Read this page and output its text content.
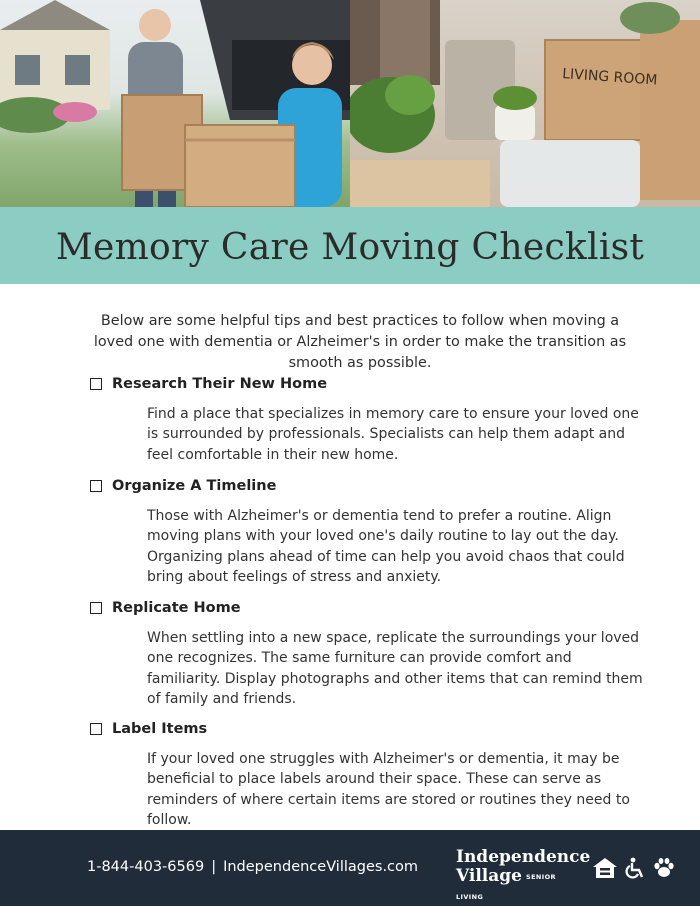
LIVING ROOM
Memory Care Moving Checklist
Below are some helpful tips and best practices to follow when moving a loved one with dementia or Alzheimer's in order to make the transition as smooth as possible.
Research Their New Home
Find a place that specializes in memory care to ensure your loved one is surrounded by professionals. Specialists can help them adapt and feel comfortable in their new home.
Organize A Timeline
Those with Alzheimer's or dementia tend to prefer a routine. Align moving plans with your loved one's daily routine to lay out the day. Organizing plans ahead of time can help you avoid chaos that could bring about feelings of stress and anxiety.
Replicate Home
When settling into a new space, replicate the surroundings your loved one recognizes. The same furniture can provide comfort and familiarity. Display photographs and other items that can remind them of family and friends.
Label Items
If your loved one struggles with Alzheimer's or dementia, it may be beneficial to place labels around their space. These can serve as reminders of where certain items are stored or routines they need to follow.
1-844-403-6569 | IndependenceVillages.com Independence
Village SENIOR LIVING
